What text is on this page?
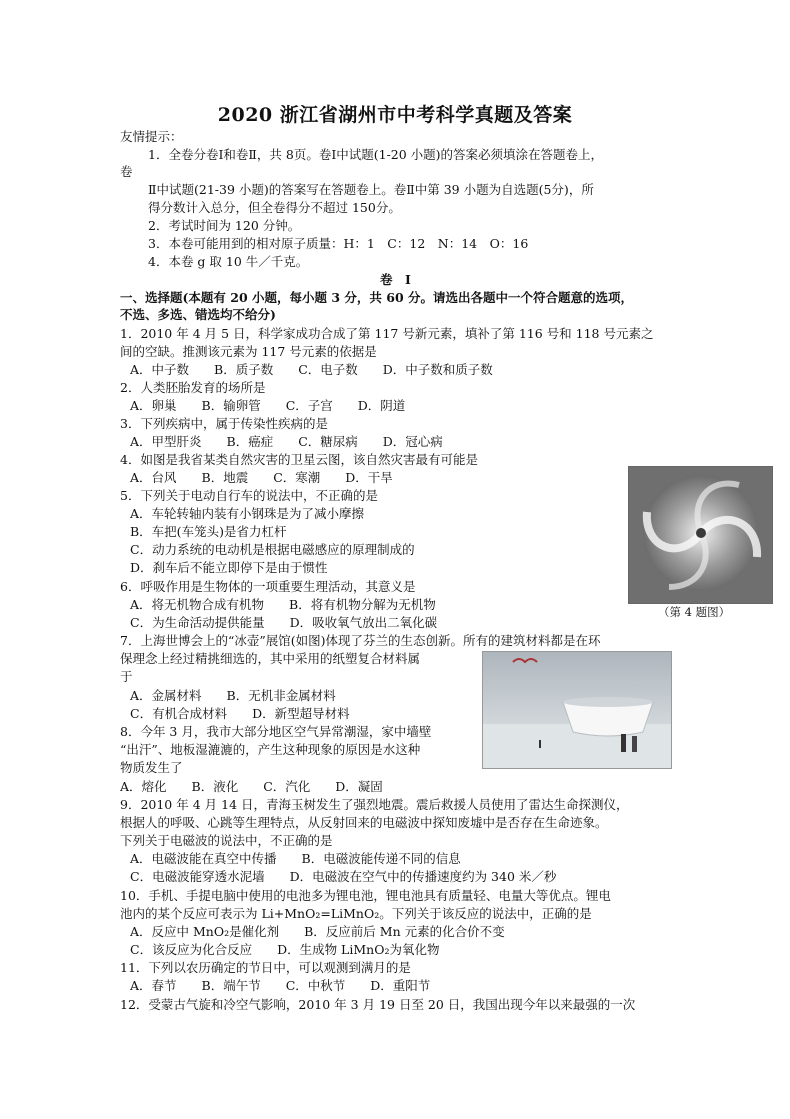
2020 浙江省湖州市中考科学真题及答案
友情提示：
1．全卷分卷Ⅰ和卷Ⅱ，共 8页。卷Ⅰ中试题(1-20 小题)的答案必须填涂在答题卷上，
卷
Ⅱ中试题(21-39 小题)的答案写在答题卷上。卷Ⅱ中第 39 小题为自选题(5分)，所
得分数计入总分，但全卷得分不超过 150分。
2．考试时间为 120 分钟。
3．本卷可能用到的相对原子质量：H：1　C：12　N：14　O：16
4．本卷 g 取 10 牛／千克。
卷　Ⅰ
一、选择题(本题有 20 小题，每小题 3 分，共 60 分。请选出各题中一个符合题意的选项，
不选、多选、错选均不给分)
1．2010 年 4 月 5 日，科学家成功合成了第 117 号新元素，填补了第 116 号和 118 号元素之
间的空缺。推测该元素为 117 号元素的依据是
A．中子数　　B．质子数　　C．电子数　　D．中子数和质子数
2．人类胚胎发育的场所是
A．卵巢　　B．输卵管　　C．子宫　　D．阴道
3．下列疾病中，属于传染性疾病的是
A．甲型肝炎　　B．癌症　　C．糖尿病　　D．冠心病
4．如图是我省某类自然灾害的卫星云图，该自然灾害最有可能是
A．台风　　B．地震　　C．寒潮　　D．干旱
5．下列关于电动自行车的说法中，不正确的是
A．车轮转轴内装有小钢珠是为了减小摩擦
B．车把(车笼头)是省力杠杆
C．动力系统的电动机是根据电磁感应的原理制成的
D．刹车后不能立即停下是由于惯性
6．呼吸作用是生物体的一项重要生理活动，其意义是
A．将无机物合成有机物　　B．将有机物分解为无机物
C．为生命活动提供能量　　D．吸收氧气放出二氧化碳
7．上海世博会上的“冰壶”展馆(如图)体现了芬兰的生态创新。所有的建筑材料都是在环
保理念上经过精挑细选的，其中采用的纸塑复合材料属
于
A．金属材料　　B．无机非金属材料
C．有机合成材料　　D．新型超导材料
8．今年 3 月，我市大部分地区空气异常潮湿，家中墙壁
“出汗”、地板湿漉漉的，产生这种现象的原因是水这种
物质发生了
A．熔化　　B．液化　　C．汽化　　D．凝固
9．2010 年 4 月 14 日，青海玉树发生了强烈地震。震后救援人员使用了雷达生命探测仪，
根据人的呼吸、心跳等生理特点，从反射回来的电磁波中探知废墟中是否存在生命迹象。
下列关于电磁波的说法中，不正确的是
A．电磁波能在真空中传播　　B．电磁波能传递不同的信息
C．电磁波能穿透水泥墙　　D．电磁波在空气中的传播速度约为 340 米／秒
10．手机、手提电脑中使用的电池多为锂电池，锂电池具有质量轻、电量大等优点。锂电
池内的某个反应可表示为 Li+MnO₂=LiMnO₂。下列关于该反应的说法中，正确的是
A．反应中 MnO₂是催化剂　　B．反应前后 Mn 元素的化合价不变
C．该反应为化合反应　　D．生成物 LiMnO₂为氧化物
11．下列以农历确定的节日中，可以观测到满月的是
A．春节　　B．端午节　　C．中秋节　　D．重阳节
12．受蒙古气旋和冷空气影响，2010 年 3 月 19 日至 20 日，我国出现今年以来最强的一次
（第 4 题图）
